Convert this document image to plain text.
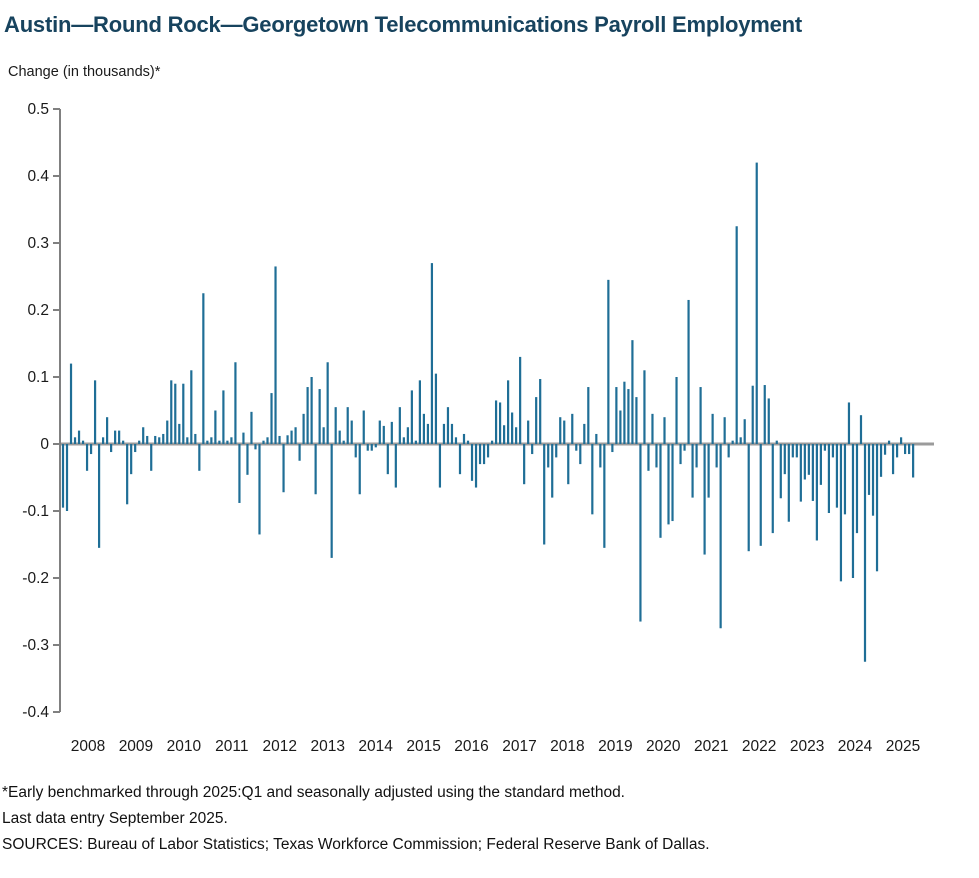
Austin—Round Rock—Georgetown Telecommunications Payroll Employment
Change (in thousands)*
0.5
0.4
0.3
0.2
0.1
0
-0.1
-0.2
-0.3
-0.4
2008 2009 2010 2011 2012 2013 2014 2015 2016 2017 2018 2019 2020 2021 2022 2023 2024 2025
*Early benchmarked through 2025:Q1 and seasonally adjusted using the standard method.
Last data entry September 2025.
SOURCES: Bureau of Labor Statistics; Texas Workforce Commission; Federal Reserve Bank of Dallas.
